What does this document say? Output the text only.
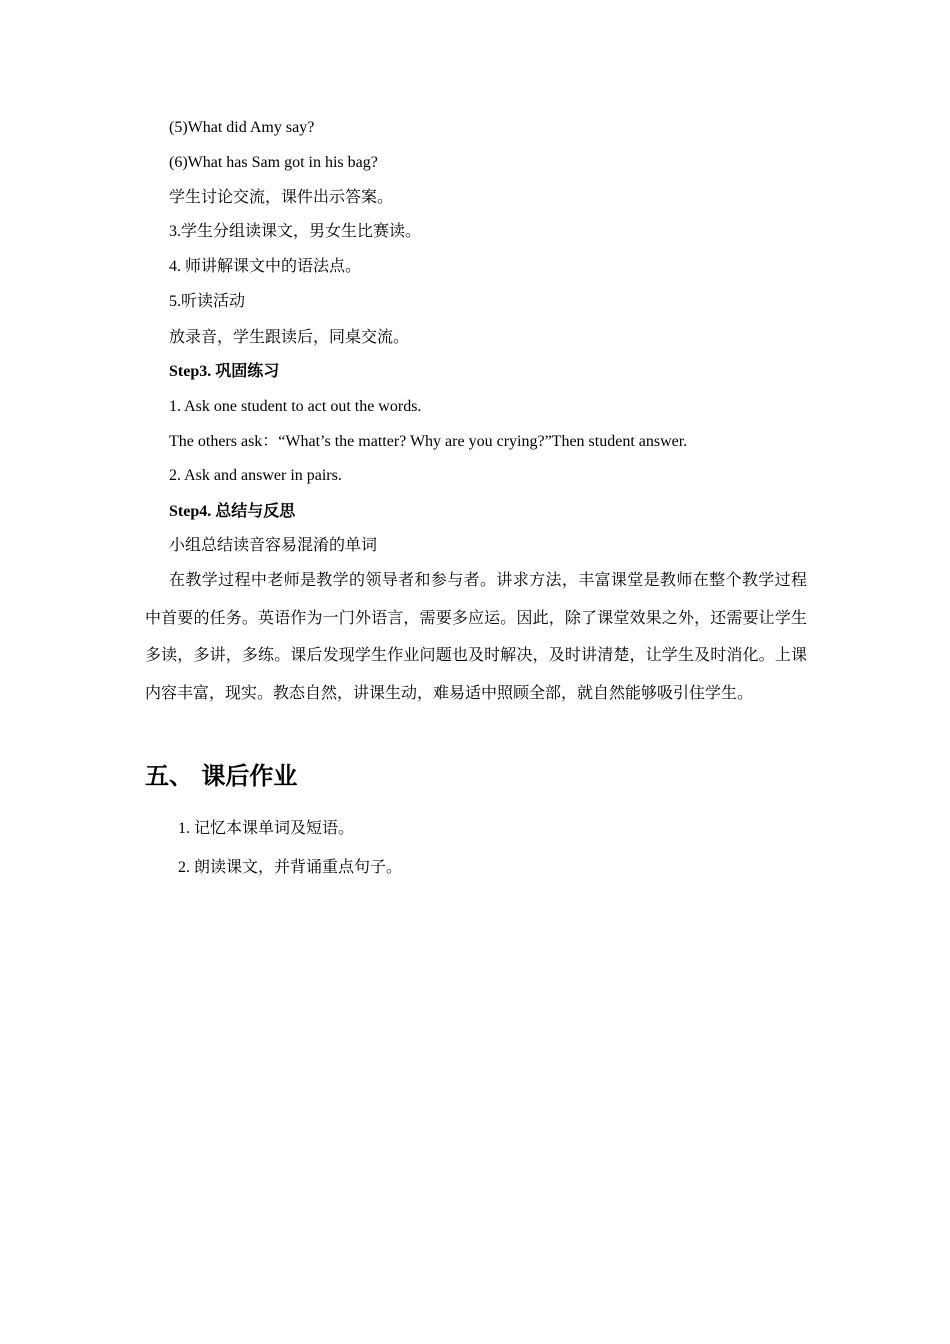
(5)What did Amy say?
(6)What has Sam got in his bag?
学生讨论交流，课件出示答案。
3.学生分组读课文，男女生比赛读。
4. 师讲解课文中的语法点。
5.听读活动
放录音，学生跟读后，同桌交流。
Step3. 巩固练习
1. Ask one student to act out the words.
The others ask：“What’s the matter? Why are you crying?”Then student answer.
2. Ask and answer in pairs.
Step4. 总结与反思
小组总结读音容易混淆的单词
在教学过程中老师是教学的领导者和参与者。讲求方法，丰富课堂是教师在整个教学过程中首要的任务。英语作为一门外语言，需要多应运。因此，除了课堂效果之外，还需要让学生多读，多讲，多练。课后发现学生作业问题也及时解决，及时讲清楚，让学生及时消化。上课内容丰富，现实。教态自然，讲课生动，难易适中照顾全部，就自然能够吸引住学生。
五、 课后作业
1. 记忆本课单词及短语。
2. 朗读课文，并背诵重点句子。
